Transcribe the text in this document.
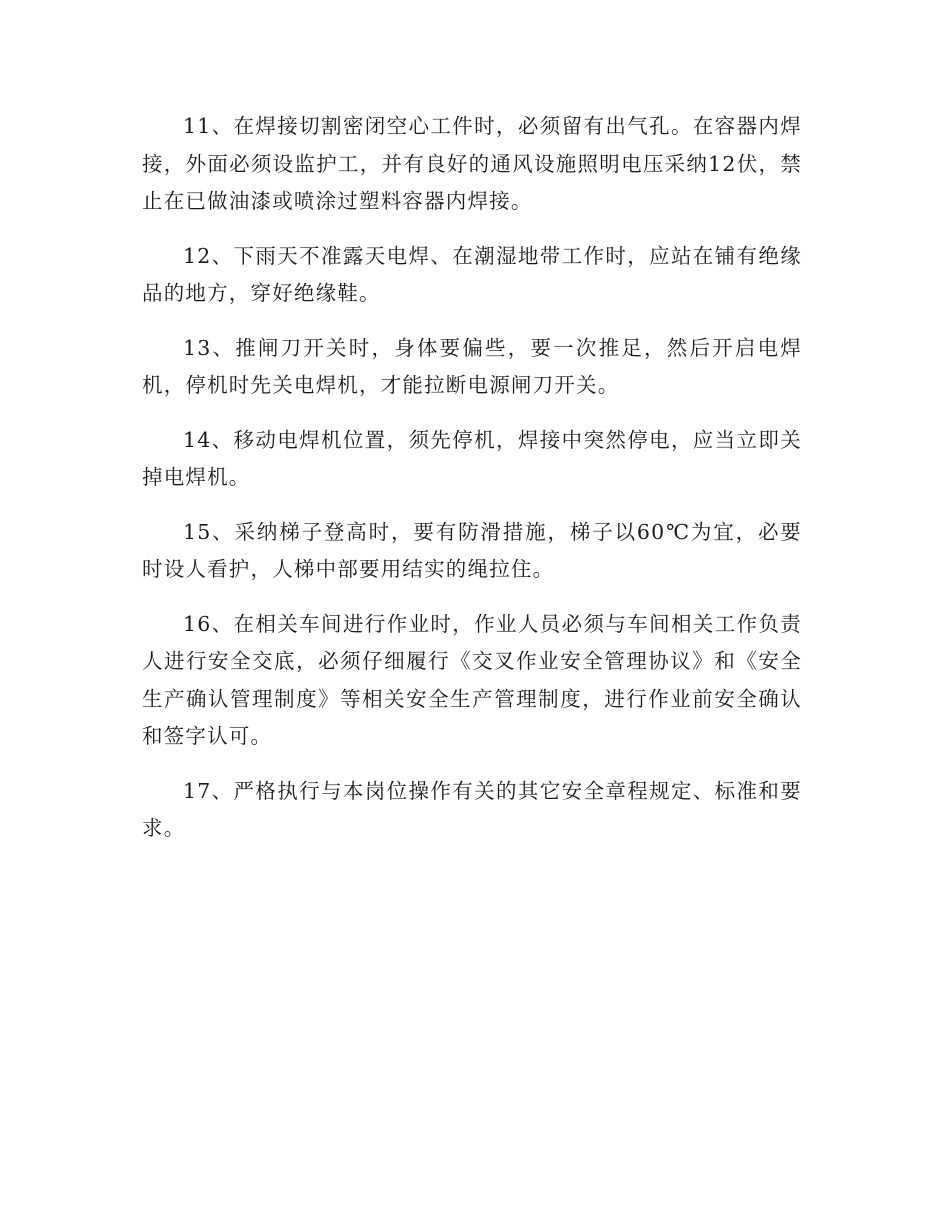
11、在焊接切割密闭空心工件时，必须留有出气孔。在容器内焊接，外面必须设监护工，并有良好的通风设施照明电压采纳12伏，禁止在已做油漆或喷涂过塑料容器内焊接。

12、下雨天不准露天电焊、在潮湿地带工作时，应站在铺有绝缘品的地方，穿好绝缘鞋。

13、推闸刀开关时，身体要偏些，要一次推足，然后开启电焊机，停机时先关电焊机，才能拉断电源闸刀开关。

14、移动电焊机位置，须先停机，焊接中突然停电，应当立即关掉电焊机。

15、采纳梯子登高时，要有防滑措施，梯子以60℃为宜，必要时设人看护，人梯中部要用结实的绳拉住。

16、在相关车间进行作业时，作业人员必须与车间相关工作负责人进行安全交底，必须仔细履行《交叉作业安全管理协议》和《安全生产确认管理制度》等相关安全生产管理制度，进行作业前安全确认和签字认可。

17、严格执行与本岗位操作有关的其它安全章程规定、标准和要求。
